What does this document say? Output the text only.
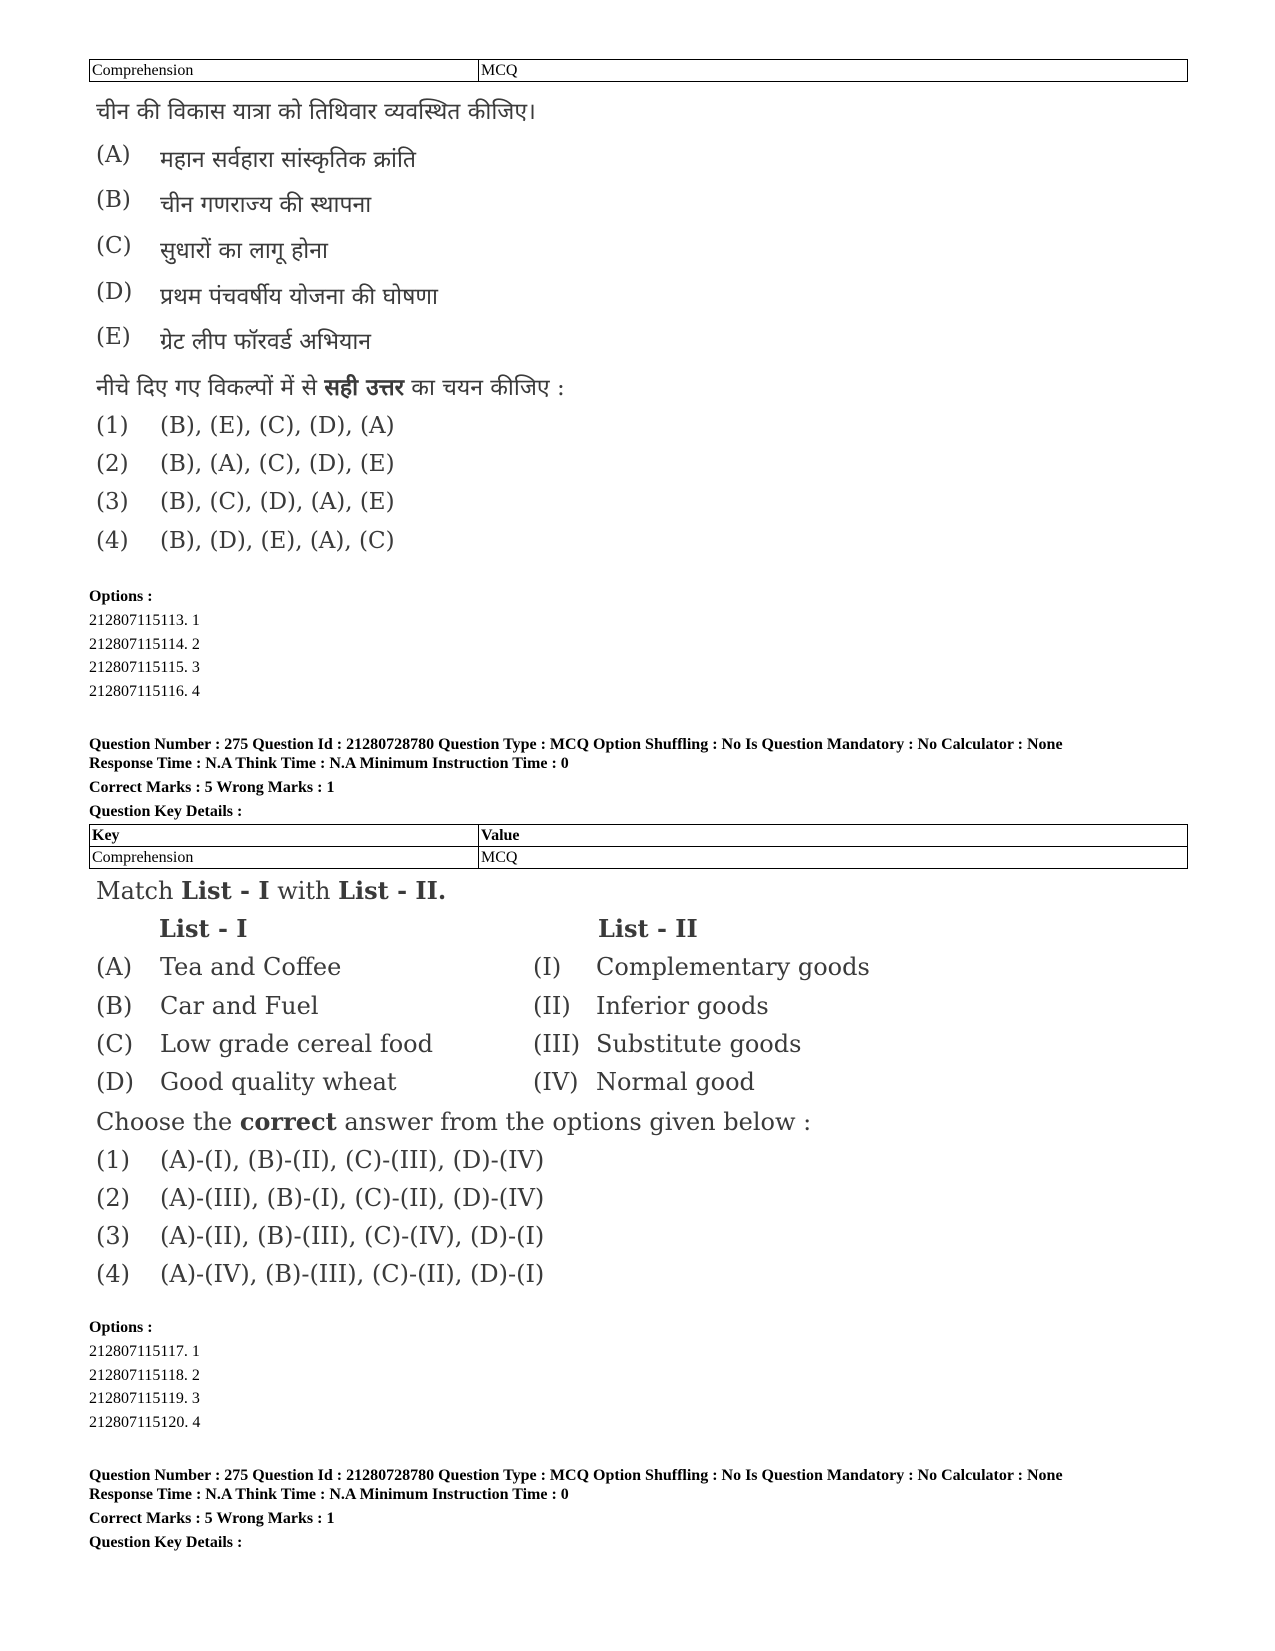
Comprehension	MCQ
चीन की विकास यात्रा को तिथिवार व्यवस्थित कीजिए।
(A) महान सर्वहारा सांस्कृतिक क्रांति
(B) चीन गणराज्य की स्थापना
(C) सुधारों का लागू होना
(D) प्रथम पंचवर्षीय योजना की घोषणा
(E) ग्रेट लीप फॉरवर्ड अभियान
नीचे दिए गए विकल्पों में से सही उत्तर का चयन कीजिए :
(1) (B), (E), (C), (D), (A)
(2) (B), (A), (C), (D), (E)
(3) (B), (C), (D), (A), (E)
(4) (B), (D), (E), (A), (C)
Options :
212807115113. 1
212807115114. 2
212807115115. 3
212807115116. 4
Question Number : 275 Question Id : 21280728780 Question Type : MCQ Option Shuffling : No Is Question Mandatory : No Calculator : None
Response Time : N.A Think Time : N.A Minimum Instruction Time : 0
Correct Marks : 5 Wrong Marks : 1
Question Key Details :
Key	Value
Comprehension	MCQ
Match List - I with List - II.
List - I	List - II
(A) Tea and Coffee	(I) Complementary goods
(B) Car and Fuel	(II) Inferior goods
(C) Low grade cereal food	(III) Substitute goods
(D) Good quality wheat	(IV) Normal good
Choose the correct answer from the options given below :
(1) (A)-(I), (B)-(II), (C)-(III), (D)-(IV)
(2) (A)-(III), (B)-(I), (C)-(II), (D)-(IV)
(3) (A)-(II), (B)-(III), (C)-(IV), (D)-(I)
(4) (A)-(IV), (B)-(III), (C)-(II), (D)-(I)
Options :
212807115117. 1
212807115118. 2
212807115119. 3
212807115120. 4
Question Number : 275 Question Id : 21280728780 Question Type : MCQ Option Shuffling : No Is Question Mandatory : No Calculator : None
Response Time : N.A Think Time : N.A Minimum Instruction Time : 0
Correct Marks : 5 Wrong Marks : 1
Question Key Details :
